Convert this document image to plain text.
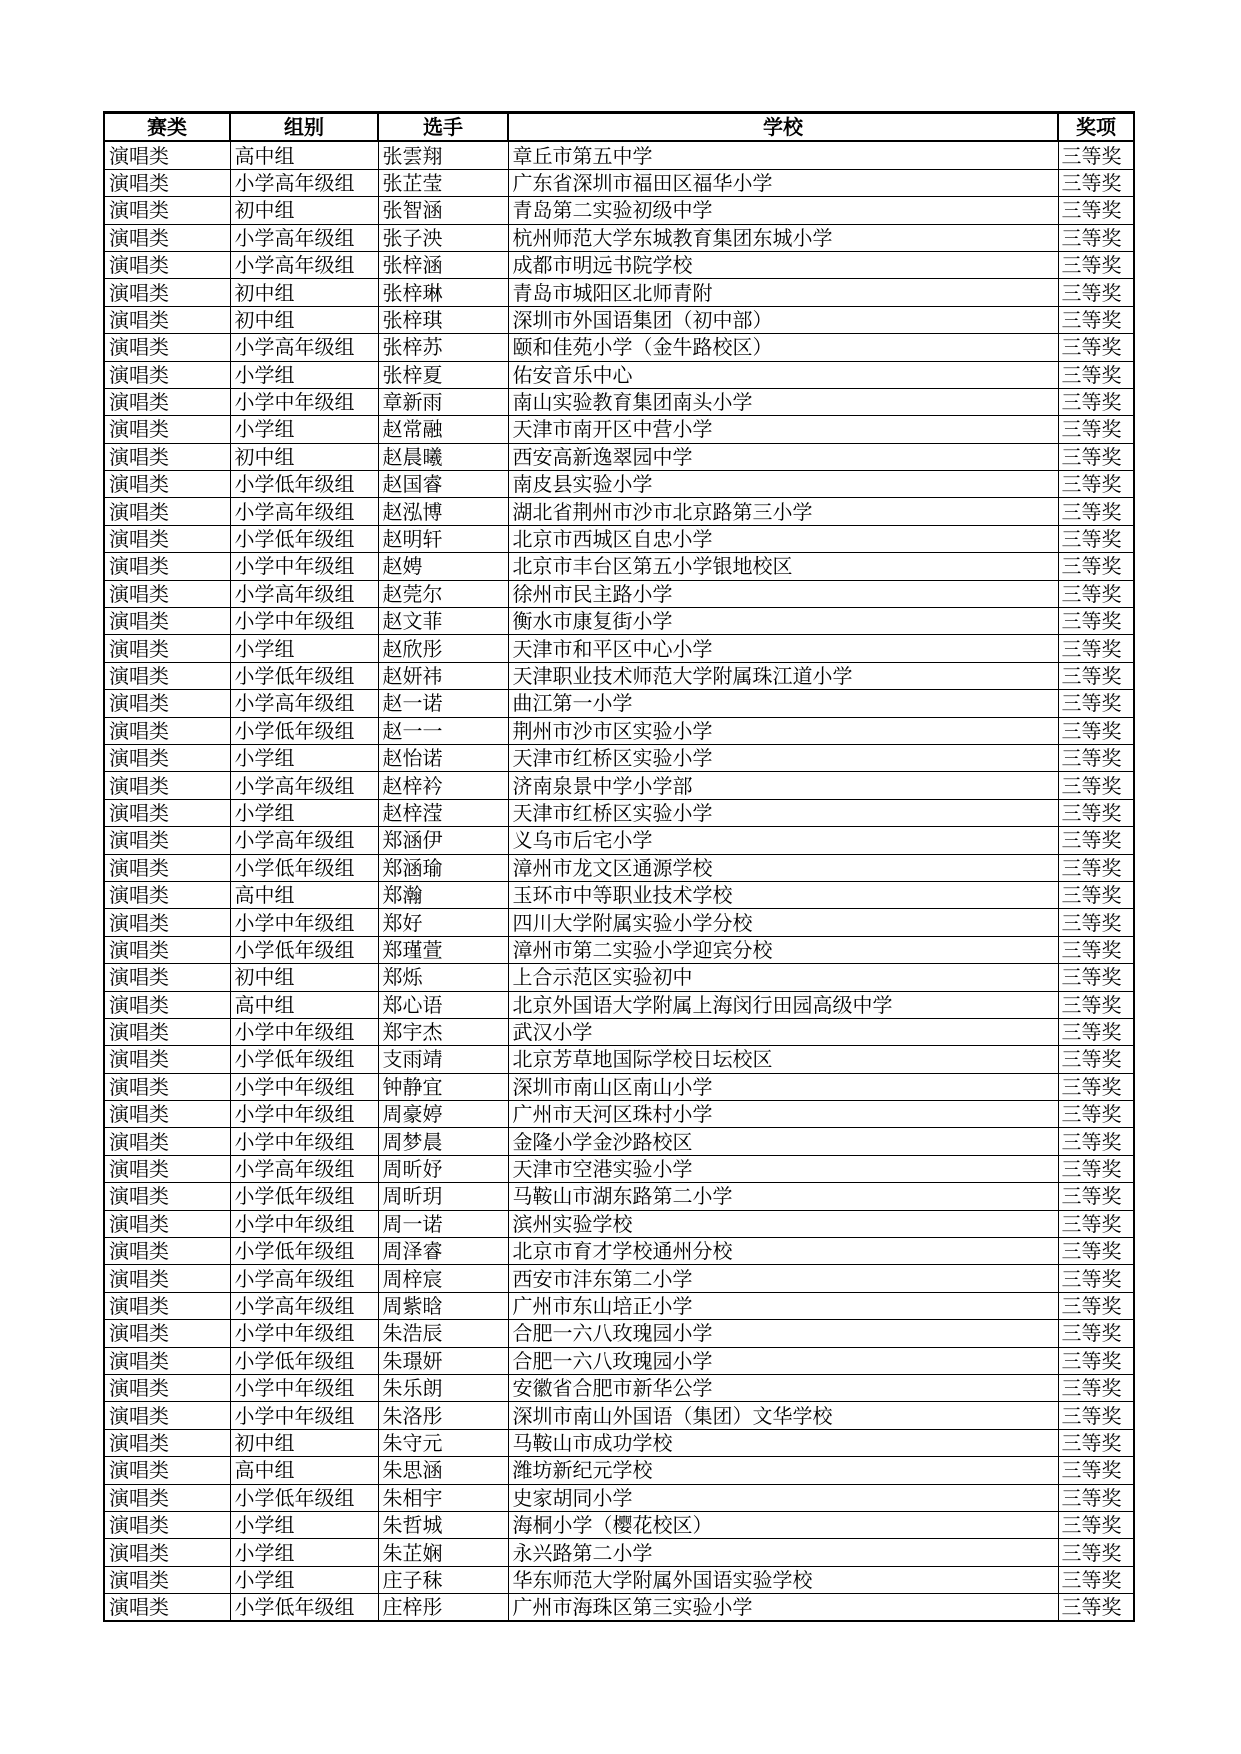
赛类	组别	选手	学校	奖项
演唱类	高中组	张雲翔	章丘市第五中学	三等奖
演唱类	小学高年级组	张芷莹	广东省深圳市福田区福华小学	三等奖
演唱类	初中组	张智涵	青岛第二实验初级中学	三等奖
演唱类	小学高年级组	张子泱	杭州师范大学东城教育集团东城小学	三等奖
演唱类	小学高年级组	张梓涵	成都市明远书院学校	三等奖
演唱类	初中组	张梓琳	青岛市城阳区北师青附	三等奖
演唱类	初中组	张梓琪	深圳市外国语集团（初中部）	三等奖
演唱类	小学高年级组	张梓苏	颐和佳苑小学（金牛路校区）	三等奖
演唱类	小学组	张梓夏	佑安音乐中心	三等奖
演唱类	小学中年级组	章新雨	南山实验教育集团南头小学	三等奖
演唱类	小学组	赵常融	天津市南开区中营小学	三等奖
演唱类	初中组	赵晨曦	西安高新逸翠园中学	三等奖
演唱类	小学低年级组	赵国睿	南皮县实验小学	三等奖
演唱类	小学高年级组	赵泓博	湖北省荆州市沙市北京路第三小学	三等奖
演唱类	小学低年级组	赵明轩	北京市西城区自忠小学	三等奖
演唱类	小学中年级组	赵娉	北京市丰台区第五小学银地校区	三等奖
演唱类	小学高年级组	赵莞尔	徐州市民主路小学	三等奖
演唱类	小学中年级组	赵文菲	衡水市康复街小学	三等奖
演唱类	小学组	赵欣彤	天津市和平区中心小学	三等奖
演唱类	小学低年级组	赵妍祎	天津职业技术师范大学附属珠江道小学	三等奖
演唱类	小学高年级组	赵一诺	曲江第一小学	三等奖
演唱类	小学低年级组	赵一一	荆州市沙市区实验小学	三等奖
演唱类	小学组	赵怡诺	天津市红桥区实验小学	三等奖
演唱类	小学高年级组	赵梓衿	济南泉景中学小学部	三等奖
演唱类	小学组	赵梓滢	天津市红桥区实验小学	三等奖
演唱类	小学高年级组	郑涵伊	义乌市后宅小学	三等奖
演唱类	小学低年级组	郑涵瑜	漳州市龙文区通源学校	三等奖
演唱类	高中组	郑瀚	玉环市中等职业技术学校	三等奖
演唱类	小学中年级组	郑好	四川大学附属实验小学分校	三等奖
演唱类	小学低年级组	郑瑾萱	漳州市第二实验小学迎宾分校	三等奖
演唱类	初中组	郑烁	上合示范区实验初中	三等奖
演唱类	高中组	郑心语	北京外国语大学附属上海闵行田园高级中学	三等奖
演唱类	小学中年级组	郑宇杰	武汉小学	三等奖
演唱类	小学低年级组	支雨靖	北京芳草地国际学校日坛校区	三等奖
演唱类	小学中年级组	钟静宜	深圳市南山区南山小学	三等奖
演唱类	小学中年级组	周豪婷	广州市天河区珠村小学	三等奖
演唱类	小学中年级组	周梦晨	金隆小学金沙路校区	三等奖
演唱类	小学高年级组	周昕妤	天津市空港实验小学	三等奖
演唱类	小学低年级组	周昕玥	马鞍山市湖东路第二小学	三等奖
演唱类	小学中年级组	周一诺	滨州实验学校	三等奖
演唱类	小学低年级组	周泽睿	北京市育才学校通州分校	三等奖
演唱类	小学高年级组	周梓宸	西安市沣东第二小学	三等奖
演唱类	小学高年级组	周紫晗	广州市东山培正小学	三等奖
演唱类	小学中年级组	朱浩辰	合肥一六八玫瑰园小学	三等奖
演唱类	小学低年级组	朱璟妍	合肥一六八玫瑰园小学	三等奖
演唱类	小学中年级组	朱乐朗	安徽省合肥市新华公学	三等奖
演唱类	小学中年级组	朱洛彤	深圳市南山外国语（集团）文华学校	三等奖
演唱类	初中组	朱守元	马鞍山市成功学校	三等奖
演唱类	高中组	朱思涵	潍坊新纪元学校	三等奖
演唱类	小学低年级组	朱相宇	史家胡同小学	三等奖
演唱类	小学组	朱哲城	海桐小学（樱花校区）	三等奖
演唱类	小学组	朱芷娴	永兴路第二小学	三等奖
演唱类	小学组	庄子秣	华东师范大学附属外国语实验学校	三等奖
演唱类	小学低年级组	庄梓彤	广州市海珠区第三实验小学	三等奖
